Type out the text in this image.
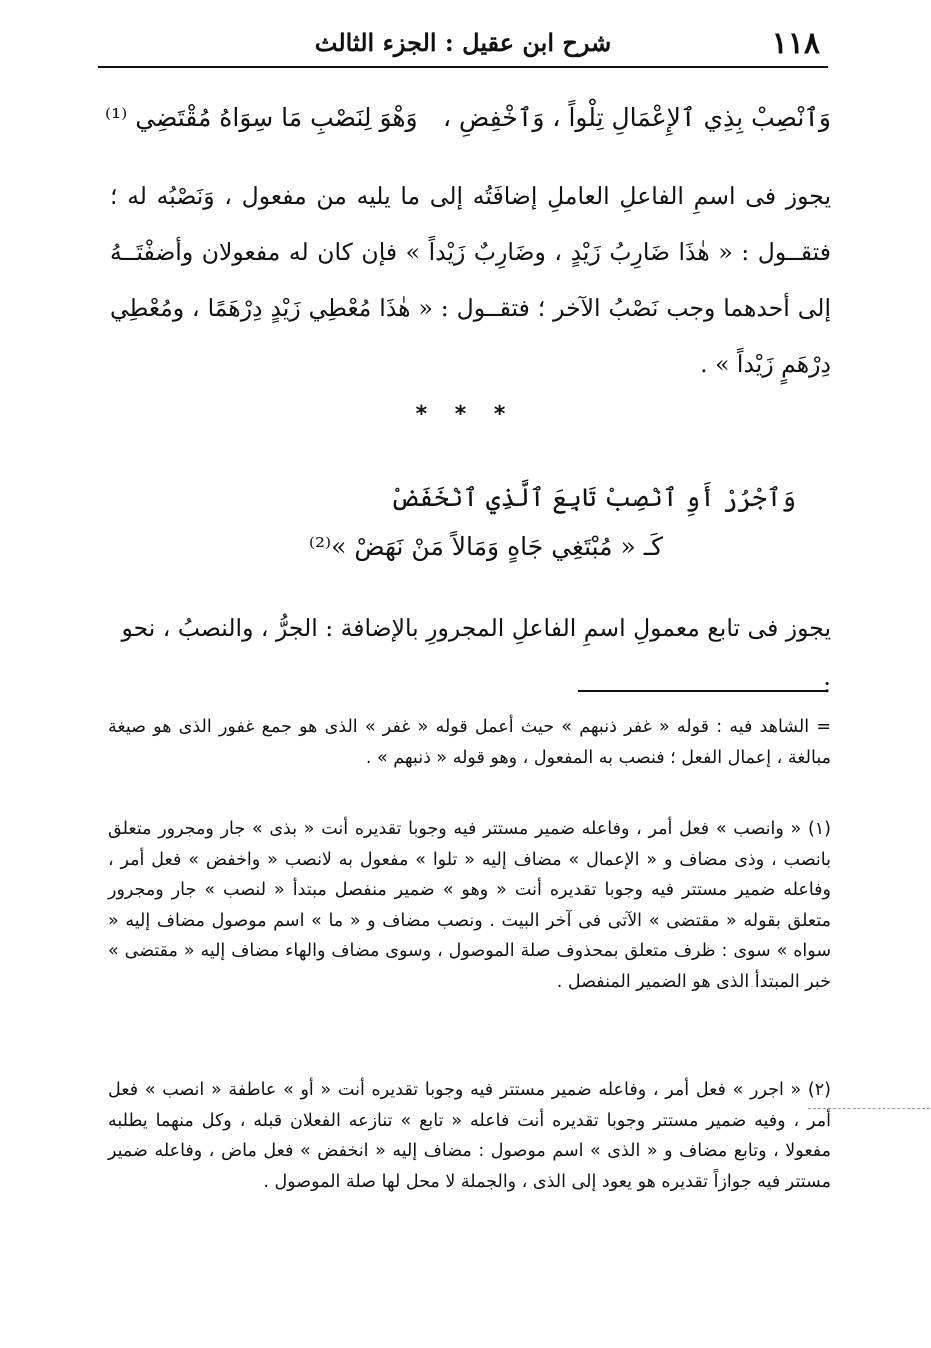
١١٨
شرح ابن عقيل : الجزء الثالث
وَٱنْصِبْ بِذِي ٱلإِعْمَالِ تِلْواً ، وَٱخْفِضِ ،
وَهْوَ لِنَصْبِ مَا سِوَاهُ مُقْتَضِي ⁽¹⁾
يجوز فى اسمِ الفاعلِ العاملِ إضافَتُه إلى ما يليه من مفعول ، وَنَصْبُه له ؛ فتقــول : « هٰذَا ضَارِبُ زَيْدٍ ، وضَارِبٌ زَيْداً » فإن كان له مفعولان وأضفْتَــهُ إلى أحدهما وجب نَصْبُ الآخر ؛ فتقــول : « هٰذَا مُعْطِي زَيْدٍ دِرْهَمًا ، ومُعْطِي دِرْهَمٍ زَيْداً » .
* * *
وَٱجْرُرْ أَوِ ٱنْصِبْ تَابِعَ ٱلَّذِي ٱنْخَفَضْ
كَـ « مُبْتَغِي جَاهٍ وَمَالاً مَنْ نَهَضْ »⁽²⁾
يجوز فى تابع معمولِ اسمِ الفاعلِ المجرورِ بالإضافة : الجرُّ ، والنصبُ ، نحو :
= الشاهد فيه : قوله « غفر ذنبهم » حيث أعمل قوله « غفر » الذى هو جمع غفور الذى هو صيغة مبالغة ، إعمال الفعل ؛ فنصب به المفعول ، وهو قوله « ذنبهم » .
(١) « وانصب » فعل أمر ، وفاعله ضمير مستتر فيه وجوبا تقديره أنت « بذى » جار ومجرور متعلق بانصب ، وذى مضاف و « الإعمال » مضاف إليه « تلوا » مفعول به لانصب « واخفض » فعل أمر ، وفاعله ضمير مستتر فيه وجوبا تقديره أنت « وهو » ضمير منفصل مبتدأ « لنصب » جار ومجرور متعلق بقوله « مقتضى » الآتى فى آخر البيت . ونصب مضاف و « ما » اسم موصول مضاف إليه « سواه » سوى : ظرف متعلق بمحذوف صلة الموصول ، وسوى مضاف والهاء مضاف إليه « مقتضى » خبر المبتدأ الذى هو الضمير المنفصل .
(٢) « اجرر » فعل أمر ، وفاعله ضمير مستتر فيه وجوبا تقديره أنت « أو » عاطفة « انصب » فعل أمر ، وفيه ضمير مستتر وجوبا تقديره أنت فاعله « تابع » تنازعه الفعلان قبله ، وكل منهما يطلبه مفعولا ، وتابع مضاف و « الذى » اسم موصول : مضاف إليه « انخفض » فعل ماض ، وفاعله ضمير مستتر فيه جوازاً تقديره هو يعود إلى الذى ، والجملة لا محل لها صلة الموصول .
